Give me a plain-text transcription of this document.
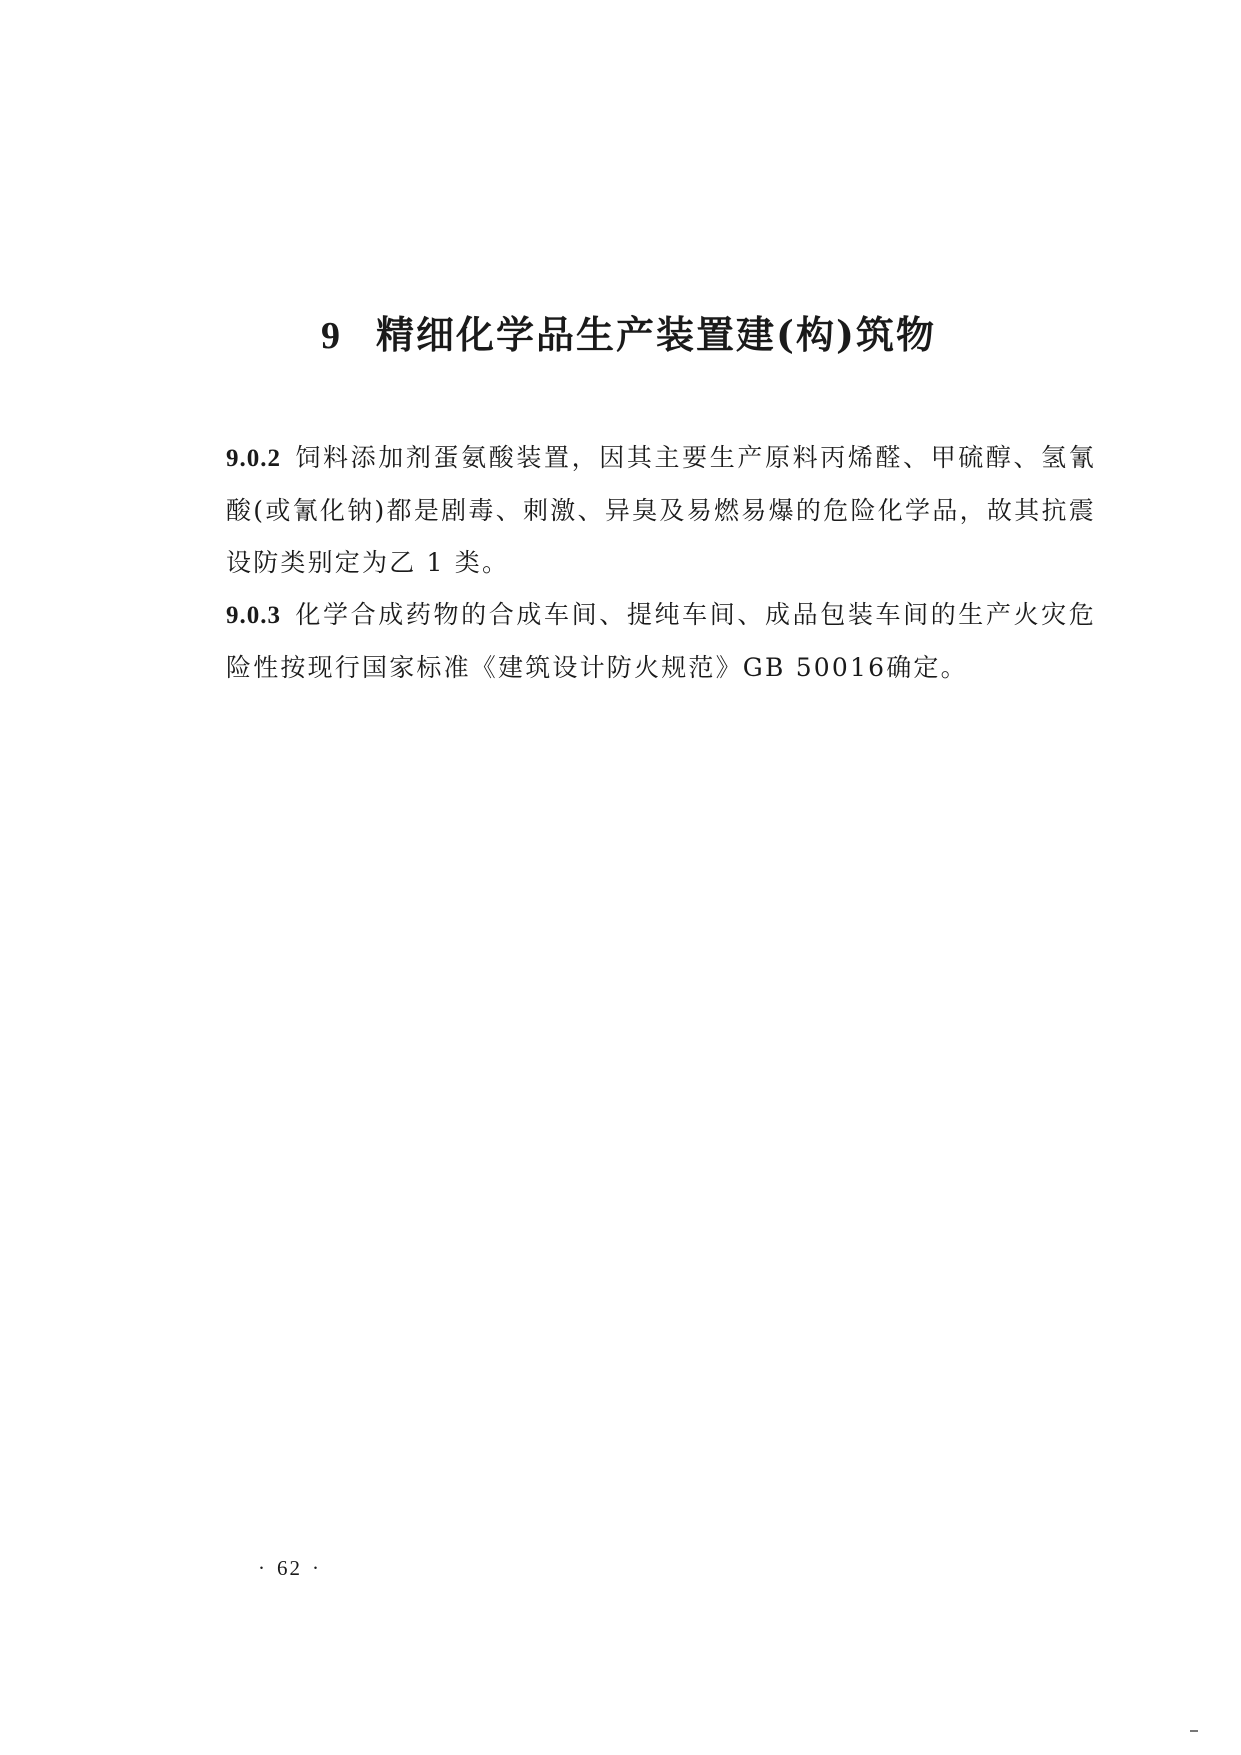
9 精细化学品生产装置建(构)筑物

9.0.2 饲料添加剂蛋氨酸装置，因其主要生产原料丙烯醛、甲硫醇、氢氰酸(或氰化钠)都是剧毒、刺激、异臭及易燃易爆的危险化学品，故其抗震设防类别定为乙 1 类。

9.0.3 化学合成药物的合成车间、提纯车间、成品包装车间的生产火灾危险性按现行国家标准《建筑设计防火规范》GB 50016确定。

· 62 ·
